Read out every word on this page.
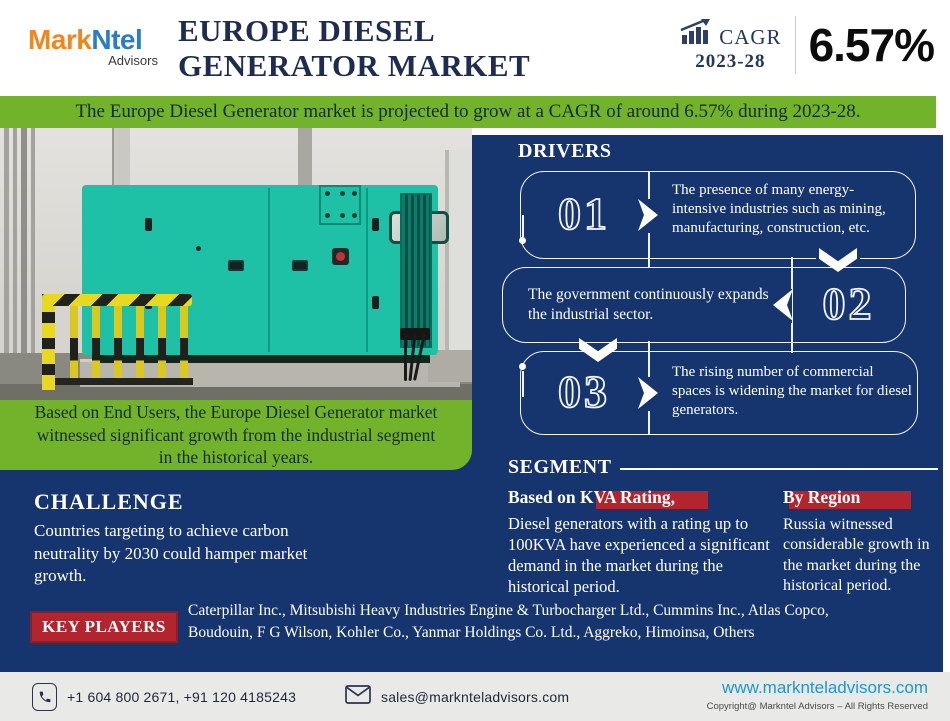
MarkNtel
Advisors
EUROPE DIESEL
GENERATOR MARKET
CAGR
2023-28 6.57%
The Europe Diesel Generator market is projected to grow at a CAGR of around 6.57% during 2023-28.
Based on End Users, the Europe Diesel Generator market witnessed significant growth from the industrial segment in the historical years.
DRIVERS
01	The presence of many energy-intensive industries such as mining, manufacturing, construction, etc.
The government continuously expands the industrial sector.	02
03	The rising number of commercial spaces is widening the market for diesel generators.
SEGMENT
Based on KVA Rating,
Diesel generators with a rating up to 100KVA have experienced a significant demand in the market during the historical period.
By Region
Russia witnessed considerable growth in the market during the historical period.
CHALLENGE
Countries targeting to achieve carbon neutrality by 2030 could hamper market growth.
KEY PLAYERS
Caterpillar Inc., Mitsubishi Heavy Industries Engine & Turbocharger Ltd., Cummins Inc., Atlas Copco, Boudouin, F G Wilson, Kohler Co., Yanmar Holdings Co. Ltd., Aggreko, Himoinsa, Others
+1 604 800 2671, +91 120 4185243	sales@marknteladvisors.com	www.marknteladvisors.com
Copyright@ Markntel Advisors – All Rights Reserved
